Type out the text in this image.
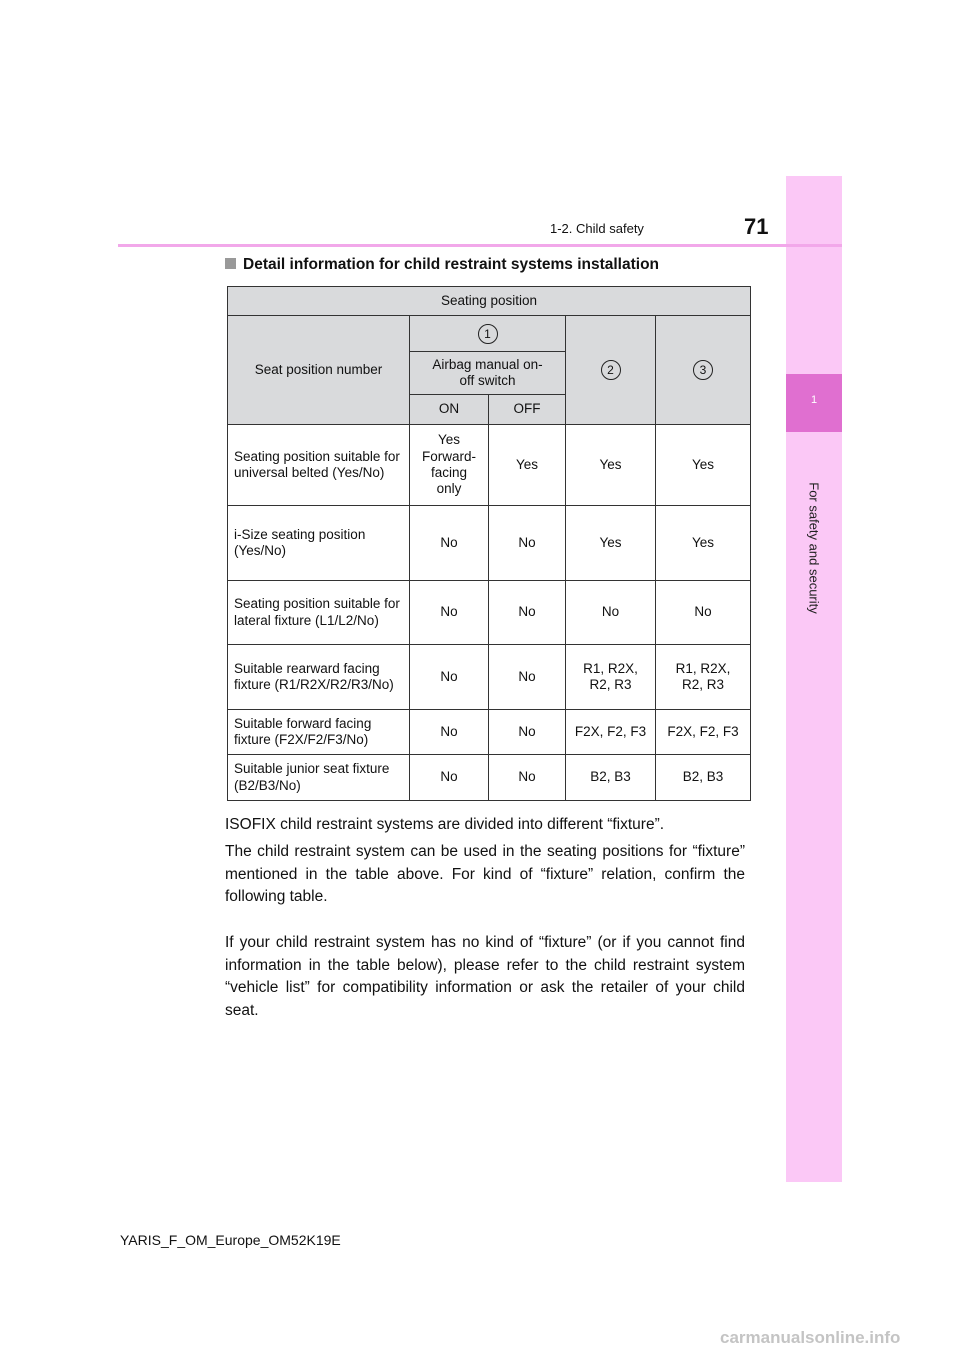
1
For safety and security
1-2. Child safety	71
Detail information for child restraint systems installation
Seating position				
Seat position number	1		2	3
	Airbag manual on-off switch			
	ON	OFF		
Seating position suitable for universal belted (Yes/No)	Yes Forward-facing only	Yes	Yes	Yes
i-Size seating position (Yes/No)	No	No	Yes	Yes
Seating position suitable for lateral fixture (L1/L2/No)	No	No	No	No
Suitable rearward facing fixture (R1/R2X/R2/R3/No)	No	No	R1, R2X, R2, R3	R1, R2X, R2, R3
Suitable forward facing fixture (F2X/F2/F3/No)	No	No	F2X, F2, F3	F2X, F2, F3
Suitable junior seat fixture (B2/B3/No)	No	No	B2, B3	B2, B3

ISOFIX child restraint systems are divided into different “fixture”.

The child restraint system can be used in the seating positions for “fixture” mentioned in the table above. For kind of “fixture” relation, confirm the following table.

If your child restraint system has no kind of “fixture” (or if you cannot find information in the table below), please refer to the child restraint system “vehicle list” for compatibility information or ask the retailer of your child seat.

YARIS_F_OM_Europe_OM52K19E
carmanualsonline.info
